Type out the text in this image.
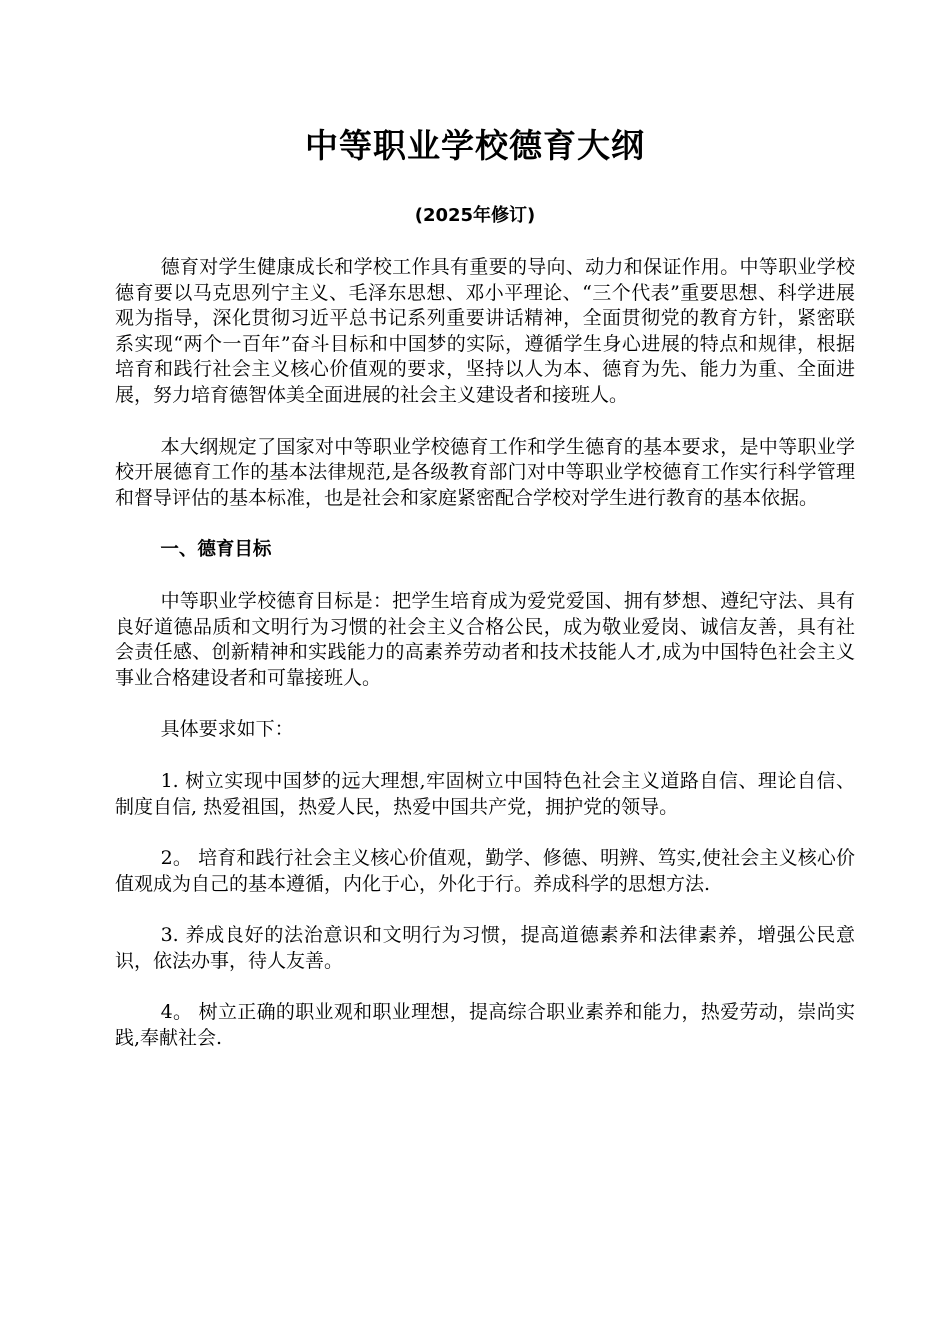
中等职业学校德育大纲

(2025年修订)

德育对学生健康成长和学校工作具有重要的导向、动力和保证作用。中等职业学校德育要以马克思列宁主义、毛泽东思想、邓小平理论、“三个代表”重要思想、科学进展观为指导，深化贯彻习近平总书记系列重要讲话精神，全面贯彻党的教育方针，紧密联系实现“两个一百年”奋斗目标和中国梦的实际，遵循学生身心进展的特点和规律，根据培育和践行社会主义核心价值观的要求，坚持以人为本、德育为先、能力为重、全面进展，努力培育德智体美全面进展的社会主义建设者和接班人。

本大纲规定了国家对中等职业学校德育工作和学生德育的基本要求，是中等职业学校开展德育工作的基本法律规范,是各级教育部门对中等职业学校德育工作实行科学管理和督导评估的基本标准，也是社会和家庭紧密配合学校对学生进行教育的基本依据。

一、德育目标

中等职业学校德育目标是：把学生培育成为爱党爱国、拥有梦想、遵纪守法、具有良好道德品质和文明行为习惯的社会主义合格公民，成为敬业爱岗、诚信友善，具有社会责任感、创新精神和实践能力的高素养劳动者和技术技能人才,成为中国特色社会主义事业合格建设者和可靠接班人。

具体要求如下：

1. 树立实现中国梦的远大理想,牢固树立中国特色社会主义道路自信、理论自信、制度自信, 热爱祖国，热爱人民，热爱中国共产党，拥护党的领导。

2。 培育和践行社会主义核心价值观，勤学、修德、明辨、笃实,使社会主义核心价值观成为自己的基本遵循，内化于心，外化于行。养成科学的思想方法.

3. 养成良好的法治意识和文明行为习惯，提高道德素养和法律素养，增强公民意识，依法办事，待人友善。

4。 树立正确的职业观和职业理想，提高综合职业素养和能力，热爱劳动，崇尚实践,奉献社会.
